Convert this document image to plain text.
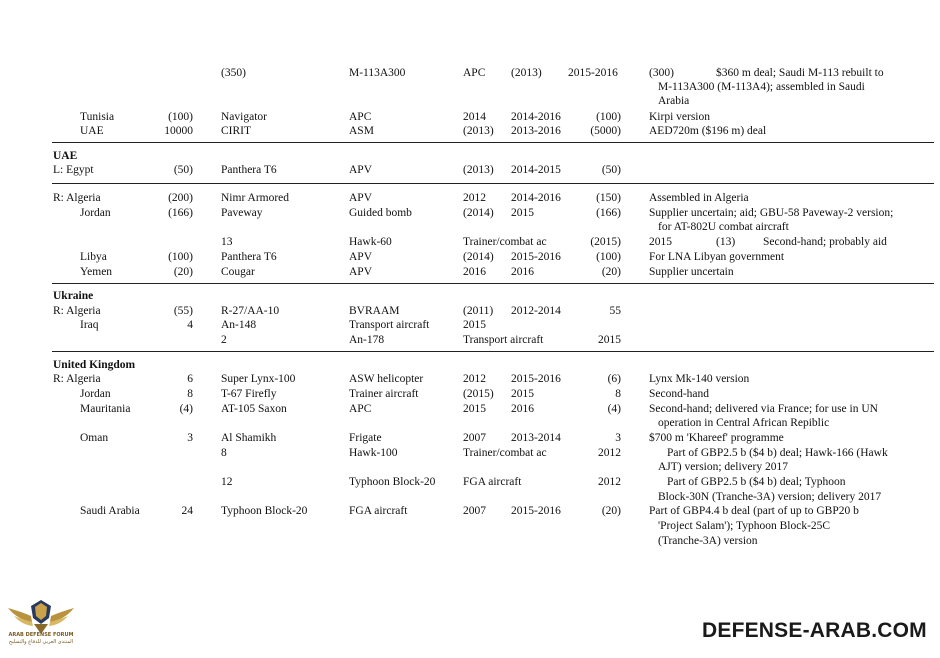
(350)	M-113A300	APC (2013) 2015-2016	(300)	$360 m deal; Saudi M-113 rebuilt to
M-113A300 (M-113A4); assembled in Saudi
Arabia
Tunisia	(100) Navigator	APC	2014 2014-2016	(100) Kirpi version
UAE	10000 CIRIT	ASM	(2013) 2013-2016	(5000) AED720m ($196 m) deal
UAE
L: Egypt	(50) Panthera T6	APV	(2013) 2014-2015	(50)
R: Algeria	(200) Nimr Armored	APV	2012 2014-2016	(150) Assembled in Algeria
Jordan	(166) Paveway	Guided bomb	(2014) 2015	(166) Supplier uncertain; aid; GBU-58 Paveway-2 version;
for AT-802U combat aircraft
13	Hawk-60	Trainer/combat ac	(2015) 2015	(13) Second-hand; probably aid
Libya	(100) Panthera T6	APV	(2014) 2015-2016	(100) For LNA Libyan government
Yemen	(20) Cougar	APV	2016 2016	(20) Supplier uncertain
Ukraine
R: Algeria	(55) R-27/AA-10	BVRAAM	(2011) 2012-2014	55
Iraq	4 An-148	Transport aircraft	2015
2	An-178	Transport aircraft	2015
United Kingdom
R: Algeria	6 Super Lynx-100	ASW helicopter	2012 2015-2016	(6) Lynx Mk-140 version
Jordan	8 T-67 Firefly	Trainer aircraft	(2015) 2015	8 Second-hand
Mauritania	(4) AT-105 Saxon	APC	2015 2016	(4) Second-hand; delivered via France; for use in UN
operation in Central African Repiblic
Oman	3 Al Shamikh	Frigate	2007 2013-2014	3 $700 m 'Khareef' programme
8	Hawk-100	Trainer/combat ac	2012	Part of GBP2.5 b ($4 b) deal; Hawk-166 (Hawk
AJT) version; delivery 2017
12	Typhoon Block-20 FGA aircraft	2012	Part of GBP2.5 b ($4 b) deal; Typhoon
Block-30N (Tranche-3A) version; delivery 2017
Saudi Arabia	24 Typhoon Block-20	FGA aircraft	2007 2015-2016	(20) Part of GBP4.4 b deal (part of up to GBP20 b
'Project Salam'); Typhoon Block-25C
(Tranche-3A) version
ARAB DEFENSE FORUM
المنتدى العربي للدفاع والتسليح	DEFENSE-ARAB.COM
